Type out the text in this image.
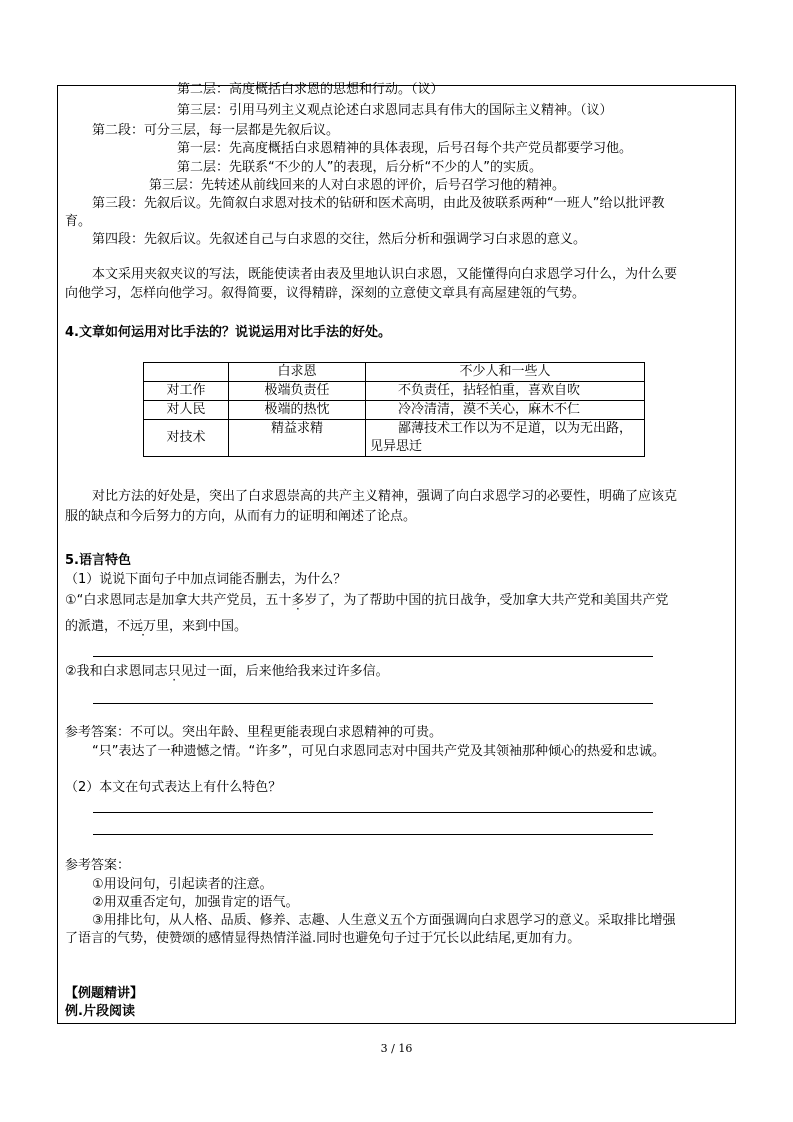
第二层：高度概括白求恩的思想和行动。（议）
第三层：引用马列主义观点论述白求恩同志具有伟大的国际主义精神。（议）
第二段：可分三层，每一层都是先叙后议。
第一层：先高度概括白求恩精神的具体表现，后号召每个共产党员都要学习他。
第二层：先联系“不少的人”的表现，后分析“不少的人”的实质。
第三层：先转述从前线回来的人对白求恩的评价，后号召学习他的精神。
第三段：先叙后议。先简叙白求恩对技术的钻研和医术高明，由此及彼联系两种“一班人”给以批评教
育。
第四段：先叙后议。先叙述自己与白求恩的交往，然后分析和强调学习白求恩的意义。
本文采用夹叙夹议的写法，既能使读者由表及里地认识白求恩，又能懂得向白求恩学习什么，为什么要
向他学习，怎样向他学习。叙得简要，议得精辟，深刻的立意使文章具有高屋建瓴的气势。
4.文章如何运用对比手法的？说说运用对比手法的好处。
	白求恩	不少人和一些人
对工作	极端负责任	不负责任，拈轻怕重，喜欢自吹
对人民	极端的热忱	冷冷清清，漠不关心，麻木不仁
对技术	精益求精	鄙薄技术工作以为不足道，以为无出路，
见异思迁
对比方法的好处是，突出了白求恩崇高的共产主义精神，强调了向白求恩学习的必要性，明确了应该克
服的缺点和今后努力的方向，从而有力的证明和阐述了论点。
5.语言特色
（1）说说下面句子中加点词能否删去，为什么？
①“白求恩同志是加拿大共产党员，五十多岁了 ·，为了帮助中国的抗日战争，受加拿大共产党和美国共产党
的派遣，不远万里，来到中国。
②我和白求恩同志只见过一面，后来他给我来过许多信。
参考答案：不可以。突出年龄、里程更能表现白求恩精神的可贵。
“只”表达了一种遗憾之情。“许多”，可见白求恩同志对中国共产党及其领袖那种倾心的热爱和忠诚。
（2）本文在句式表达上有什么特色？
参考答案：
①用设问句，引起读者的注意。
②用双重否定句，加强肯定的语气。
③用排比句，从人格、品质、修养、志趣、人生意义五个方面强调向白求恩学习的意义。采取排比增强
了语言的气势，使赞颂的感情显得热情洋溢.同时也避免句子过于冗长以此结尾,更加有力。
【例题精讲】
例.片段阅读
3 / 16
